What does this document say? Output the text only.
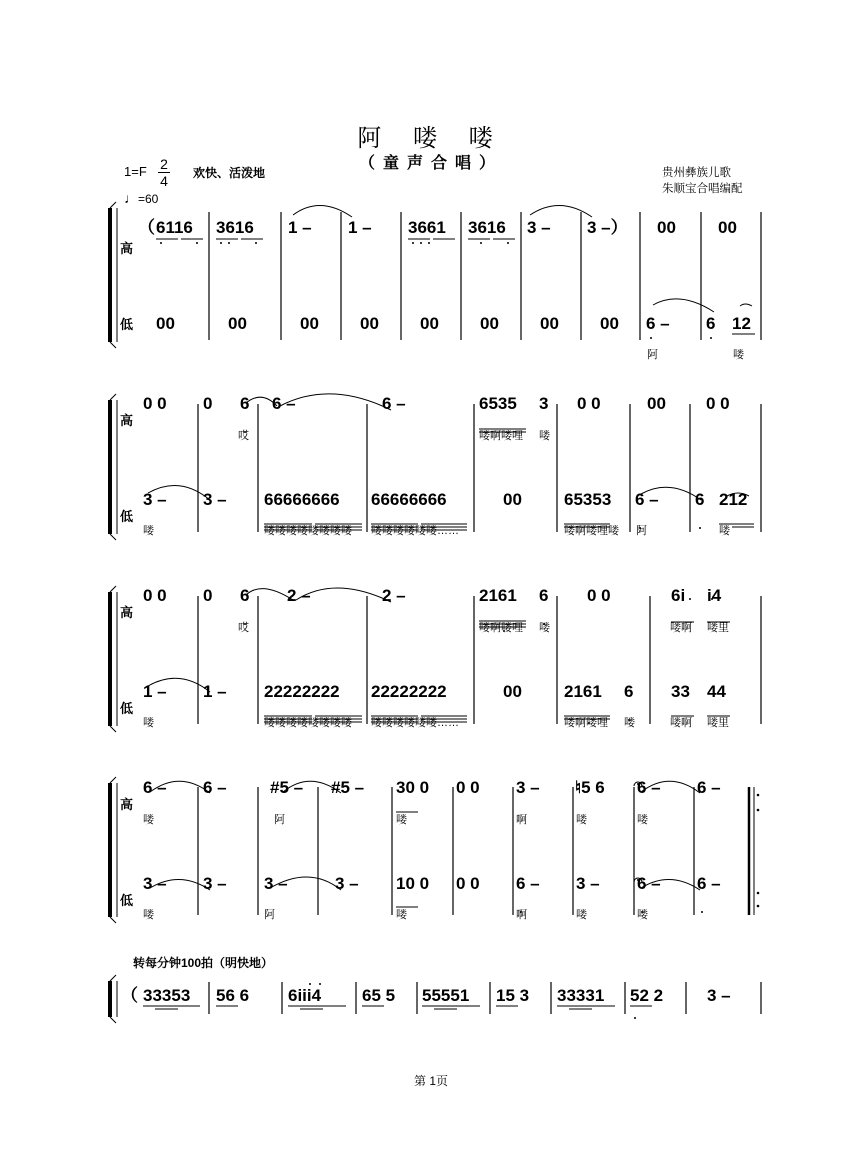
阿 喽 喽
（童声合唱）
1=F 2
4 欢快、活泼地
♩=60
贵州彝族儿歌
朱顺宝合唱编配
高
低
高
低
高
低
高
低
（ 6116 3616 1 – 1 – 3661 3616 3 – 3 –） 00 00
00	00	00 00 00 00 00 00 6 – 6 12
阿	喽
0 0 0 6 6 –	6 –	6535 3 0 0	00 0 0
哎	喽啊喽哩 喽
3 – 3 – 66666666 66666666	00 65353 6 – 6 212
喽	喽喽喽喽喽喽喽喽 喽喽喽喽喽喽……	喽啊喽哩喽 阿	喽
0 0 0 6 2 –	2 –	2161 6 0 0	6i i4
哎	喽啊喽哩 喽	喽啊 喽里
1 – 1 – 22222222 22222222	00 2161 6 33 44
喽	喽喽喽喽喽喽喽喽 喽喽喽喽喽喽……	喽啊喽哩 喽	喽啊 喽里
6 – 6 –	#5 – #5 – 30 0 0 0 3 – ♮5 6 6 – 6 –
喽	阿	喽	啊	喽	喽
3 – 3 – 3 –	3 – 10 0 0 0 6 – 3 – 6 – 6 –
喽	阿	喽	啊	喽	喽
转每分钟100拍（明快地）
（ 33353 56 6 6iii4 65 5 55551 15 3 33331 52 2	3 –
第 1页
